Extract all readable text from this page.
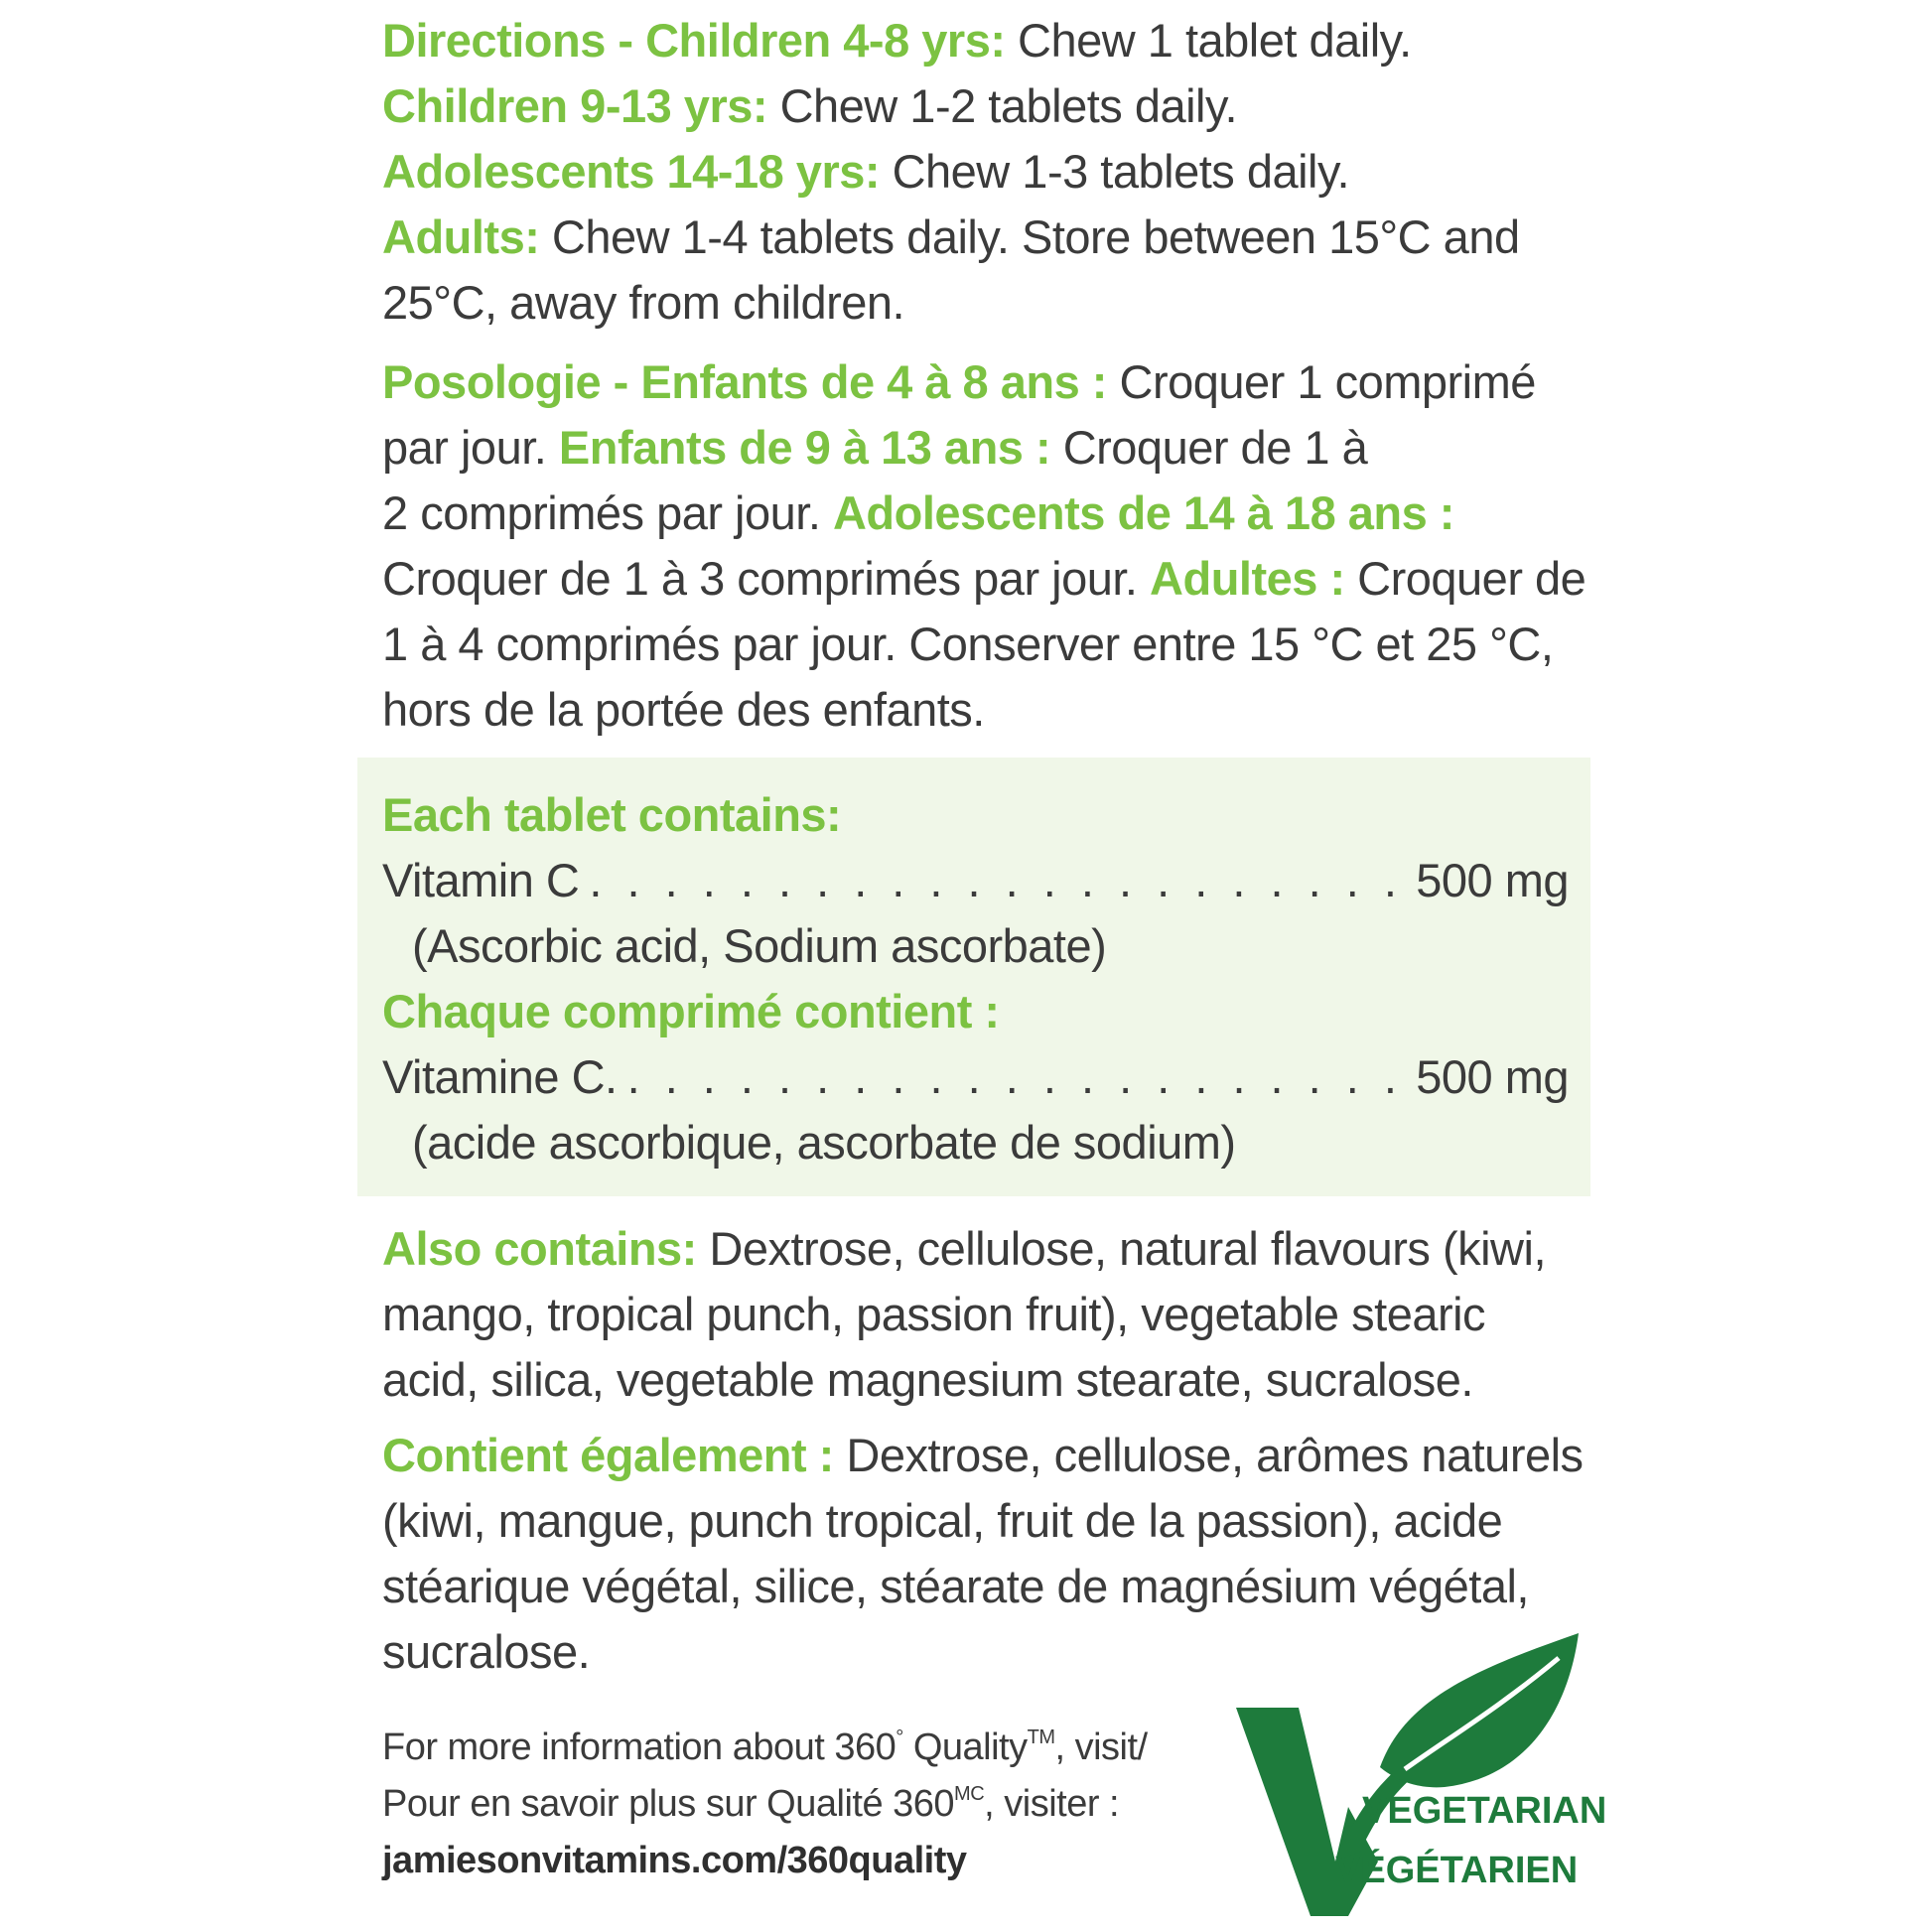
Directions - Children 4-8 yrs: Chew 1 tablet daily.
Children 9-13 yrs: Chew 1-2 tablets daily.
Adolescents 14-18 yrs: Chew 1-3 tablets daily.
Adults: Chew 1-4 tablets daily. Store between 15°C and
25°C, away from children.
Posologie - Enfants de 4 à 8 ans : Croquer 1 comprimé
par jour. Enfants de 9 à 13 ans : Croquer de 1 à
2 comprimés par jour. Adolescents de 14 à 18 ans :
Croquer de 1 à 3 comprimés par jour. Adultes : Croquer de
1 à 4 comprimés par jour. Conserver entre 15 °C et 25 °C,
hors de la portée des enfants.
Each tablet contains:
Vitamin C . . .	500 mg
(Ascorbic acid, Sodium ascorbate)
Chaque comprimé contient :
Vitamine C. . . .	500 mg
(acide ascorbique, ascorbate de sodium)
Also contains: Dextrose, cellulose, natural flavours (kiwi,
mango, tropical punch, passion fruit), vegetable stearic
acid, silica, vegetable magnesium stearate, sucralose.
Contient également : Dextrose, cellulose, arômes naturels
(kiwi, mangue, punch tropical, fruit de la passion), acide
stéarique végétal, silice, stéarate de magnésium végétal,
sucralose.
For more information about 360° Quality™, visit/
Pour en savoir plus sur Qualité $360^{MC}$, visiter :
jamiesonvitamins.com/360quality
VEGETARIAN
VÉGÉTARIEN
